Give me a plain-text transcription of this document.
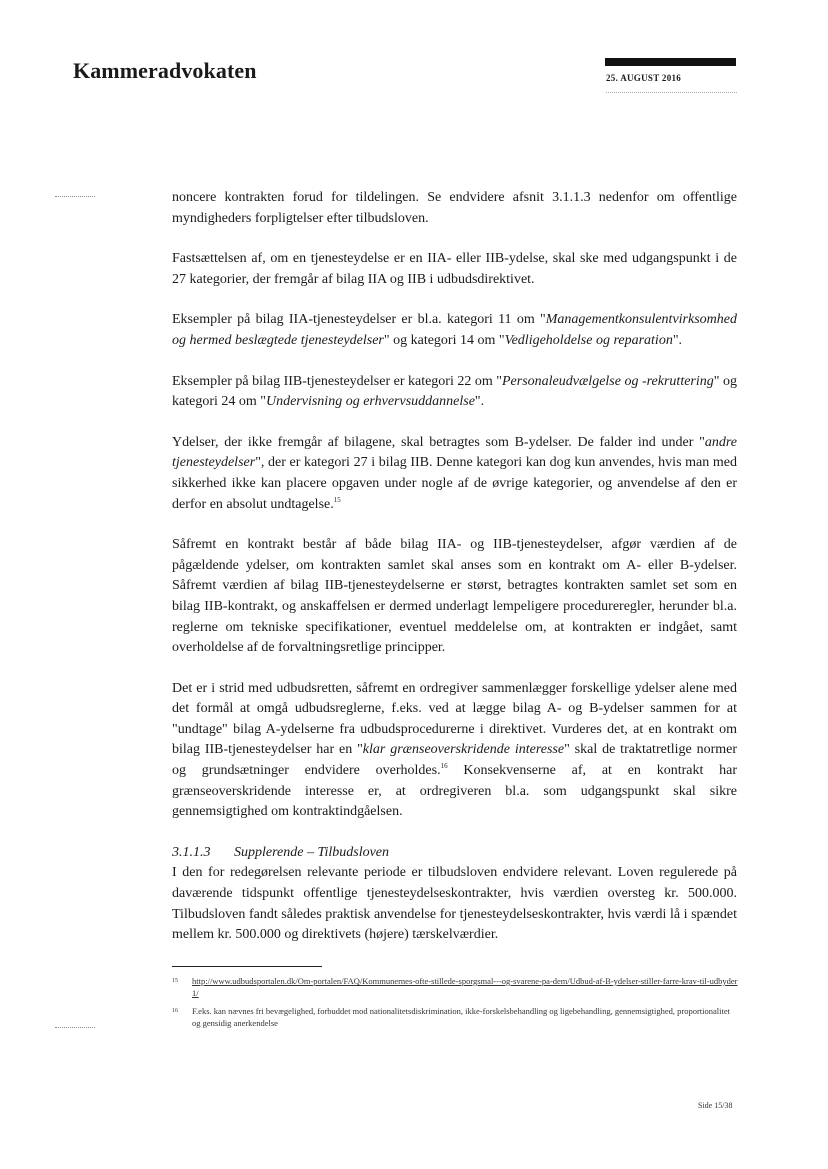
Kammeradvokaten	25. AUGUST 2016

noncere kontrakten forud for tildelingen. Se endvidere afsnit 3.1.1.3 nedenfor om offentlige myndigheders forpligtelser efter tilbudsloven.

Fastsættelsen af, om en tjenesteydelse er en IIA- eller IIB-ydelse, skal ske med udgangspunkt i de 27 kategorier, der fremgår af bilag IIA og IIB i udbudsdirektivet.

Eksempler på bilag IIA-tjenesteydelser er bl.a. kategori 11 om "Managementkonsulentvirksomhed og hermed beslægtede tjenesteydelser" og kategori 14 om "Vedligeholdelse og reparation".

Eksempler på bilag IIB-tjenesteydelser er kategori 22 om "Personaleudvælgelse og -rekruttering" og kategori 24 om "Undervisning og erhvervsuddannelse".

Ydelser, der ikke fremgår af bilagene, skal betragtes som B-ydelser. De falder ind under "andre tjenesteydelser", der er kategori 27 i bilag IIB. Denne kategori kan dog kun anvendes, hvis man med sikkerhed ikke kan placere opgaven under nogle af de øvrige kategorier, og anvendelse af den er derfor en absolut undtagelse.$^{15}$

Såfremt en kontrakt består af både bilag IIA- og IIB-tjenesteydelser, afgør værdien af de pågældende ydelser, om kontrakten samlet skal anses som en kontrakt om A- eller B-ydelser. Såfremt værdien af bilag IIB-tjenesteydelserne er størst, betragtes kontrakten samlet set som en bilag IIB-kontrakt, og anskaffelsen er dermed underlagt lempeligere procedureregler, herunder bl.a. reglerne om tekniske specifikationer, eventuel meddelelse om, at kontrakten er indgået, samt overholdelse af de forvaltningsretlige principper.

Det er i strid med udbudsretten, såfremt en ordregiver sammenlægger forskellige ydelser alene med det formål at omgå udbudsreglerne, f.eks. ved at lægge bilag A- og B-ydelser sammen for at "undtage" bilag A-ydelserne fra udbudsprocedurerne i direktivet. Vurderes det, at en kontrakt om bilag IIB-tjenesteydelser har en "klar grænseoverskridende interesse" skal de traktatretlige normer og grundsætninger endvidere overholdes.$^{16}$ Konsekvenserne af, at en kontrakt har grænseoverskridende interesse er, at ordregiveren bl.a. som udgangspunkt skal sikre gennemsigtighed om kontraktindgåelsen.

3.1.1.3 Supplerende – Tilbudsloven

I den for redegørelsen relevante periode er tilbudsloven endvidere relevant. Loven regulerede på daværende tidspunkt offentlige tjenesteydelseskontrakter, hvis værdien oversteg kr. 500.000. Tilbudsloven fandt således praktisk anvendelse for tjenesteydelseskontrakter, hvis værdi lå i spændet mellem kr. 500.000 og direktivets (højere) tærskelværdier.

15	http://www.udbudsportalen.dk/Om-portalen/FAQ/Kommunernes-ofte-stillede-sporgsmal---og-svarene-pa-dem/Udbud-af-B-ydelser-stiller-farre-krav-til-udbyder1/
16	F.eks. kan nævnes fri bevægelighed, forbuddet mod nationalitetsdiskrimination, ikke-forskelsbehandling og ligebehandling, gennemsigtighed, proportionalitet og gensidig anerkendelse
Side 15/38
